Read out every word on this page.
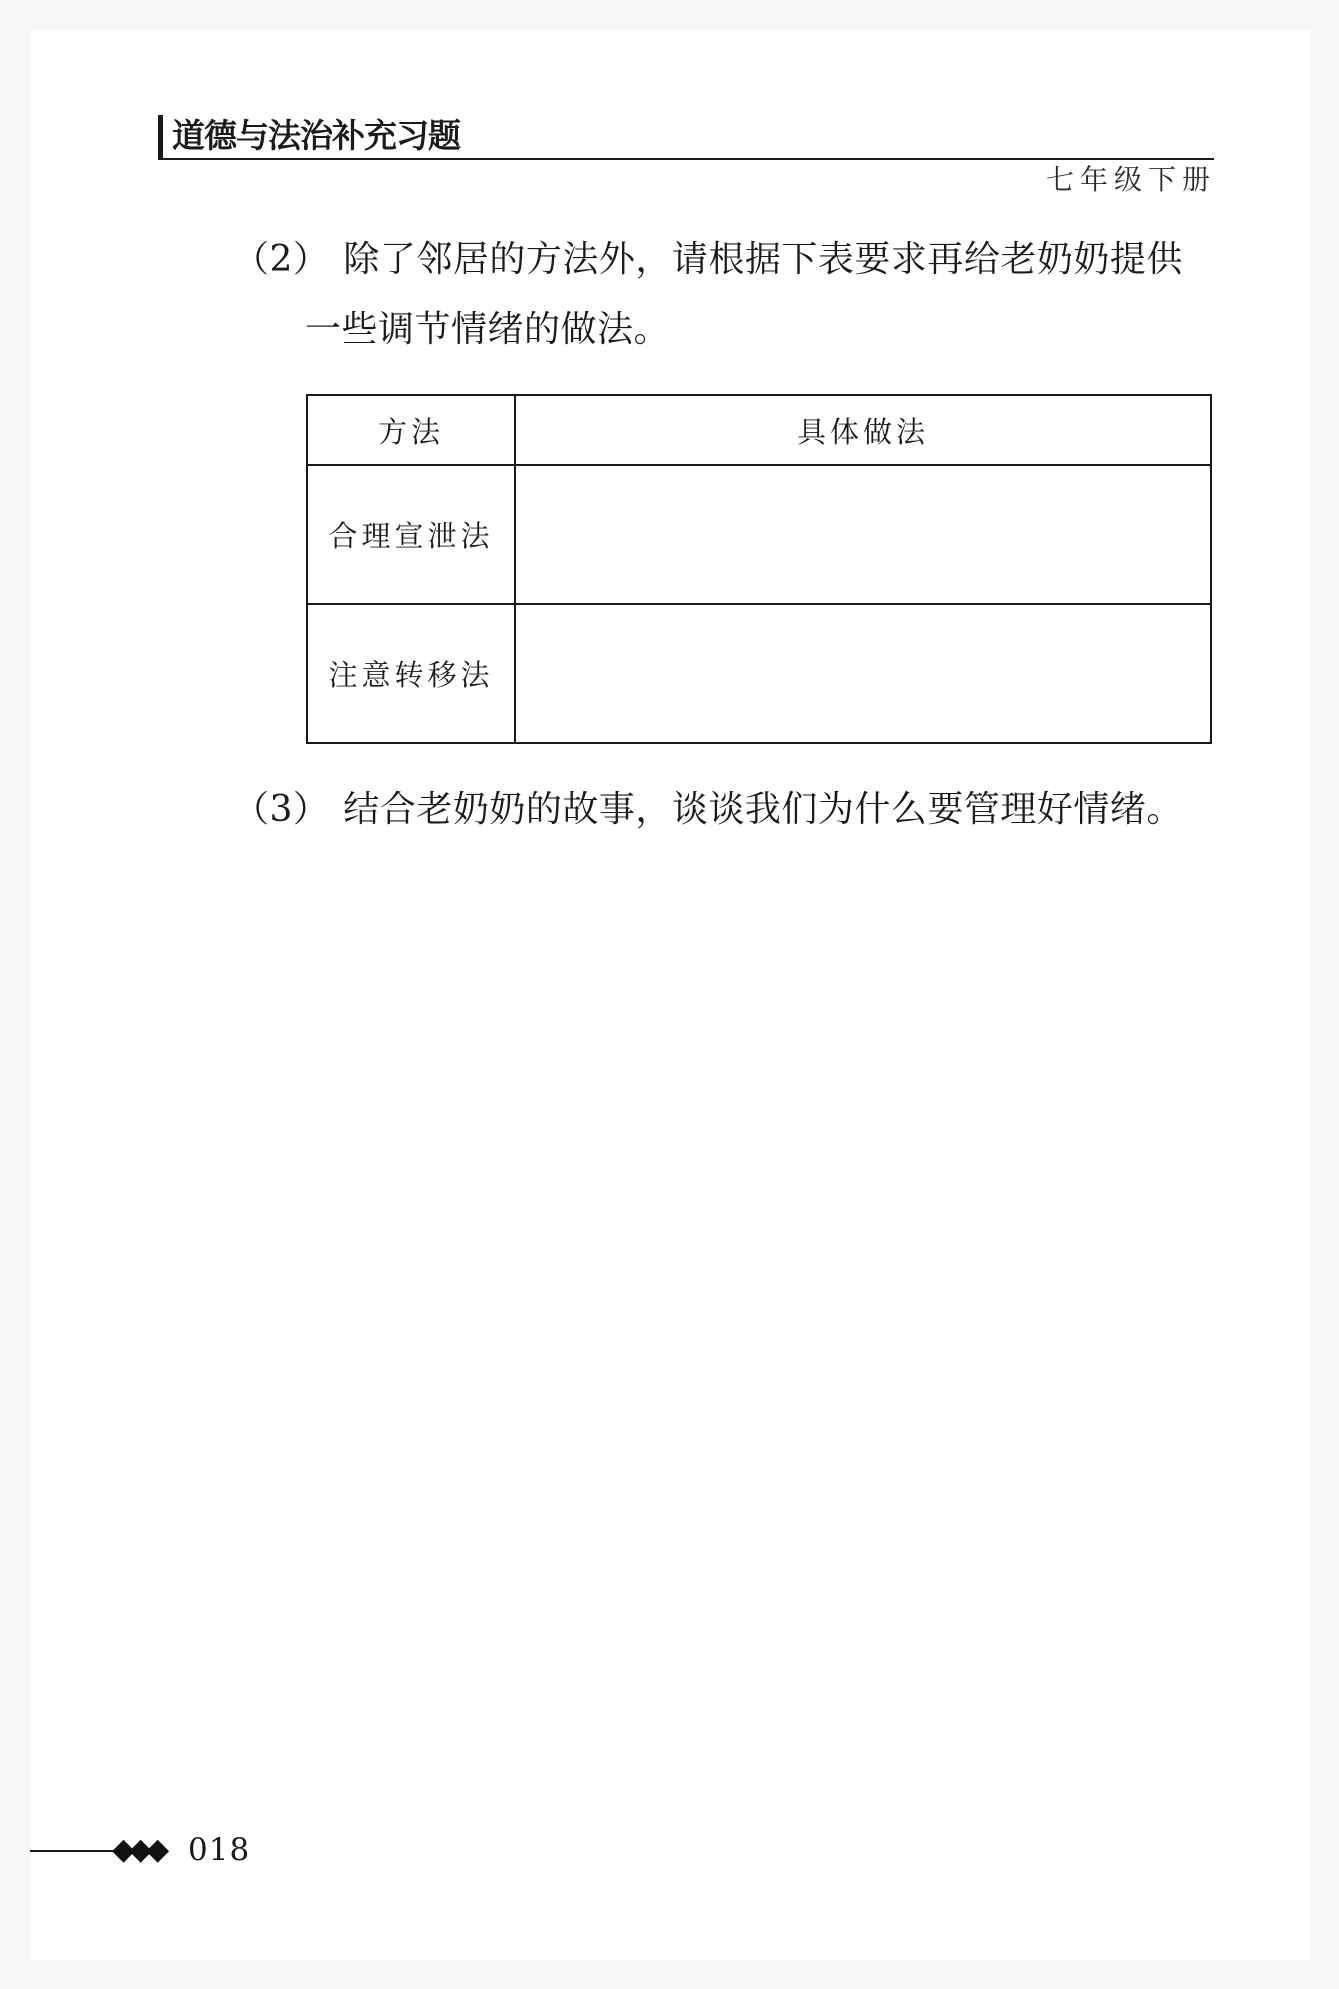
道德与法治补充习题
七年级下册
（2） 除了邻居的方法外，请根据下表要求再给老奶奶提供
一些调节情绪的做法。
方法	具体做法
合理宣泄法	
注意转移法	
（3） 结合老奶奶的故事，谈谈我们为什么要管理好情绪。
◆◆◆ 018
